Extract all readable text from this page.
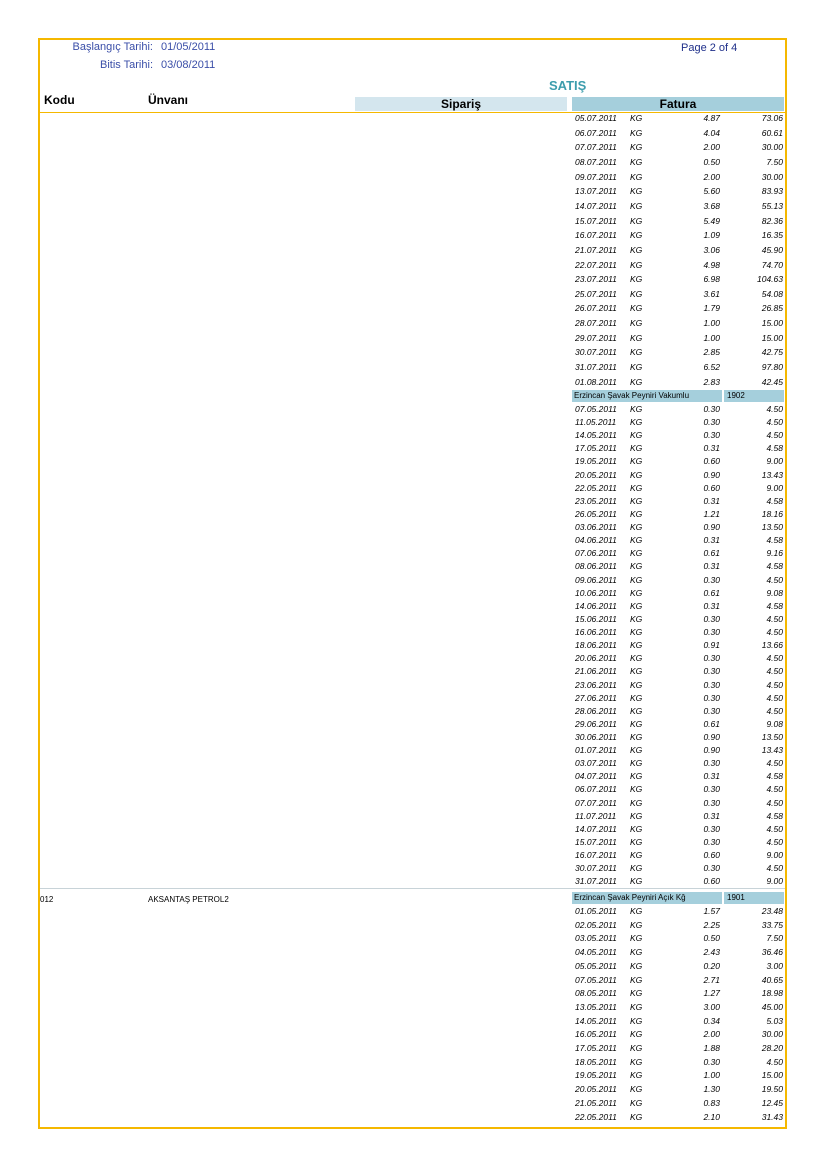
Başlangıç Tarihi: 01/05/2011
Bitis Tarihi: 03/08/2011
Page 2 of 4
SATIŞ
Kodu	Ünvanı	Sipariş	Fatura
05.07.2011 KG	4.87	73.06
06.07.2011 KG	4.04	60.61
07.07.2011 KG	2.00	30.00
08.07.2011 KG	0.50	7.50
09.07.2011 KG	2.00	30.00
13.07.2011 KG	5.60	83.93
14.07.2011 KG	3.68	55.13
15.07.2011 KG	5.49	82.36
16.07.2011 KG	1.09	16.35
21.07.2011 KG	3.06	45.90
22.07.2011 KG	4.98	74.70
23.07.2011 KG	6.98	104.63
25.07.2011 KG	3.61	54.08
26.07.2011 KG	1.79	26.85
28.07.2011 KG	1.00	15.00
29.07.2011 KG	1.00	15.00
30.07.2011 KG	2.85	42.75
31.07.2011 KG	6.52	97.80
01.08.2011 KG	2.83	42.45
Erzincan Şavak Peyniri Vakumlu	1902
07.05.2011 KG	0.30	4.50
11.05.2011 KG	0.30	4.50
14.05.2011 KG	0.30	4.50
17.05.2011 KG	0.31	4.58
19.05.2011 KG	0.60	9.00
20.05.2011 KG	0.90	13.43
22.05.2011 KG	0.60	9.00
23.05.2011 KG	0.31	4.58
26.05.2011 KG	1.21	18.16
03.06.2011 KG	0.90	13.50
04.06.2011 KG	0.31	4.58
07.06.2011 KG	0.61	9.16
08.06.2011 KG	0.31	4.58
09.06.2011 KG	0.30	4.50
10.06.2011 KG	0.61	9.08
14.06.2011 KG	0.31	4.58
15.06.2011 KG	0.30	4.50
16.06.2011 KG	0.30	4.50
18.06.2011 KG	0.91	13.66
20.06.2011 KG	0.30	4.50
21.06.2011 KG	0.30	4.50
23.06.2011 KG	0.30	4.50
27.06.2011 KG	0.30	4.50
28.06.2011 KG	0.30	4.50
29.06.2011 KG	0.61	9.08
30.06.2011 KG	0.90	13.50
01.07.2011 KG	0.90	13.43
03.07.2011 KG	0.30	4.50
04.07.2011 KG	0.31	4.58
06.07.2011 KG	0.30	4.50
07.07.2011 KG	0.30	4.50
11.07.2011 KG	0.31	4.58
14.07.2011 KG	0.30	4.50
15.07.2011 KG	0.30	4.50
16.07.2011 KG	0.60	9.00
30.07.2011 KG	0.30	4.50
31.07.2011 KG	0.60	9.00
012	AKSANTAŞ PETROL2	Erzincan Şavak Peyniri Açık Kğ	1901
01.05.2011 KG	1.57	23.48
02.05.2011 KG	2.25	33.75
03.05.2011 KG	0.50	7.50
04.05.2011 KG	2.43	36.46
05.05.2011 KG	0.20	3.00
07.05.2011 KG	2.71	40.65
08.05.2011 KG	1.27	18.98
13.05.2011 KG	3.00	45.00
14.05.2011 KG	0.34	5.03
16.05.2011 KG	2.00	30.00
17.05.2011 KG	1.88	28.20
18.05.2011 KG	0.30	4.50
19.05.2011 KG	1.00	15.00
20.05.2011 KG	1.30	19.50
21.05.2011 KG	0.83	12.45
22.05.2011 KG	2.10	31.43
